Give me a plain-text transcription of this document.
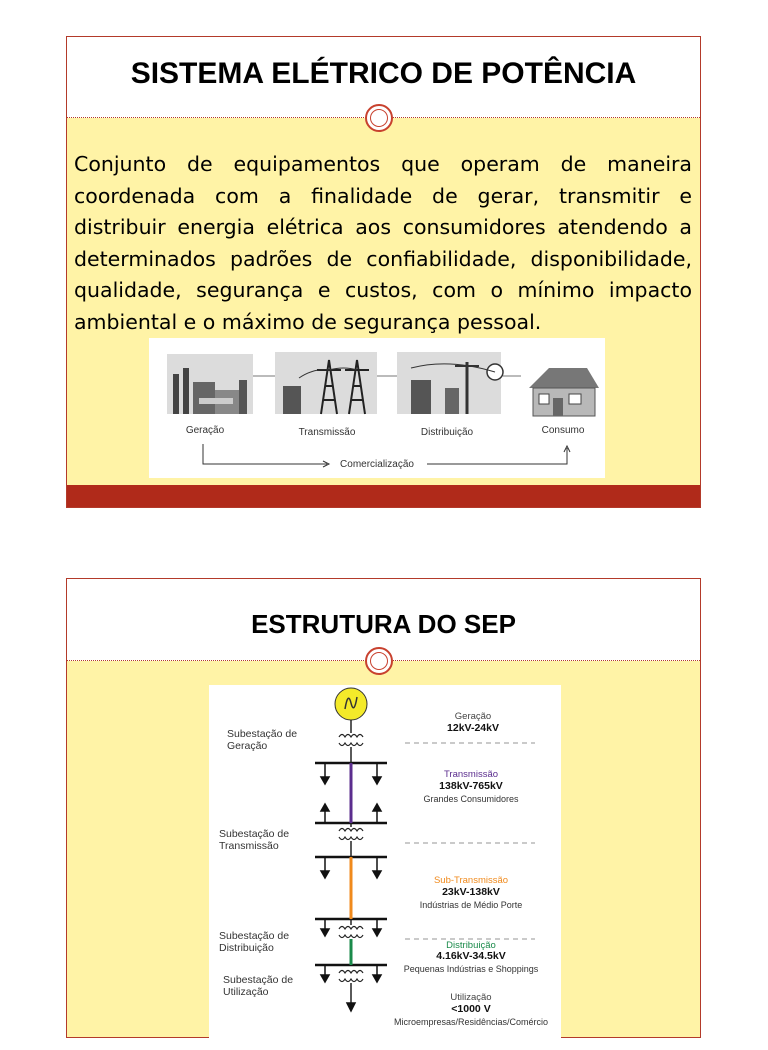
SISTEMA ELÉTRICO DE POTÊNCIA
Conjunto de equipamentos que operam de maneira coordenada com a finalidade de gerar, transmitir e distribuir energia elétrica aos consumidores atendendo a determinados padrões de confiabilidade, disponibilidade, qualidade, segurança e custos, com o mínimo impacto ambiental e o máximo de segurança pessoal.
Geração	Transmissão	Distribuição	Consumo
Comercialização
ESTRUTURA DO SEP
Subestação de Geração
Subestação de Transmissão
Subestação de Distribuição
Subestação de Utilização
Geração
12kV-24kV
Transmissão
138kV-765kV
Grandes Consumidores
Sub-Transmissão
23kV-138kV
Indústrias de Médio Porte
Distribuição
4.16kV-34.5kV
Pequenas Indústrias e Shoppings
Utilização
<1000 V
Microempresas/Residências/Comércio
